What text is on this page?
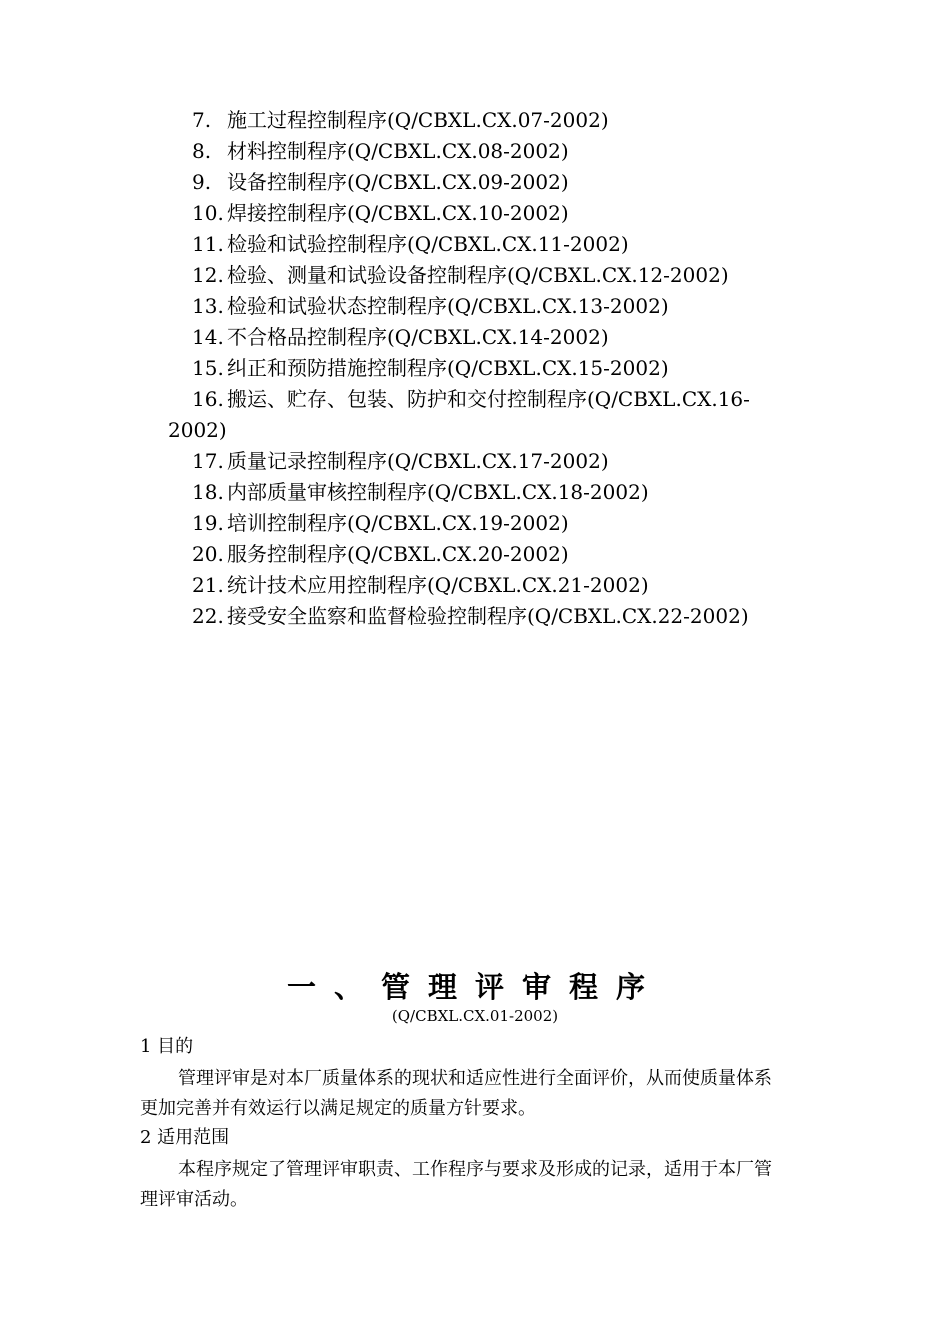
7. 施工过程控制程序(Q/CBXL.CX.07-2002)
8. 材料控制程序(Q/CBXL.CX.08-2002)
9. 设备控制程序(Q/CBXL.CX.09-2002)
10. 焊接控制程序(Q/CBXL.CX.10-2002)
11. 检验和试验控制程序(Q/CBXL.CX.11-2002)
12. 检验、测量和试验设备控制程序(Q/CBXL.CX.12-2002)
13. 检验和试验状态控制程序(Q/CBXL.CX.13-2002)
14. 不合格品控制程序(Q/CBXL.CX.14-2002)
15. 纠正和预防措施控制程序(Q/CBXL.CX.15-2002)
16. 搬运、贮存、包装、防护和交付控制程序(Q/CBXL.CX.16-
2002)
17. 质量记录控制程序(Q/CBXL.CX.17-2002)
18. 内部质量审核控制程序(Q/CBXL.CX.18-2002)
19. 培训控制程序(Q/CBXL.CX.19-2002)
20. 服务控制程序(Q/CBXL.CX.20-2002)
21. 统计技术应用控制程序(Q/CBXL.CX.21-2002)
22. 接受安全监察和监督检验控制程序(Q/CBXL.CX.22-2002)
一、管理评审程序
(Q/CBXL.CX.01-2002)
1 目的
管理评审是对本厂质量体系的现状和适应性进行全面评价，从而使质量体系
更加完善并有效运行以满足规定的质量方针要求。
2 适用范围
本程序规定了管理评审职责、工作程序与要求及形成的记录，适用于本厂管
理评审活动。
